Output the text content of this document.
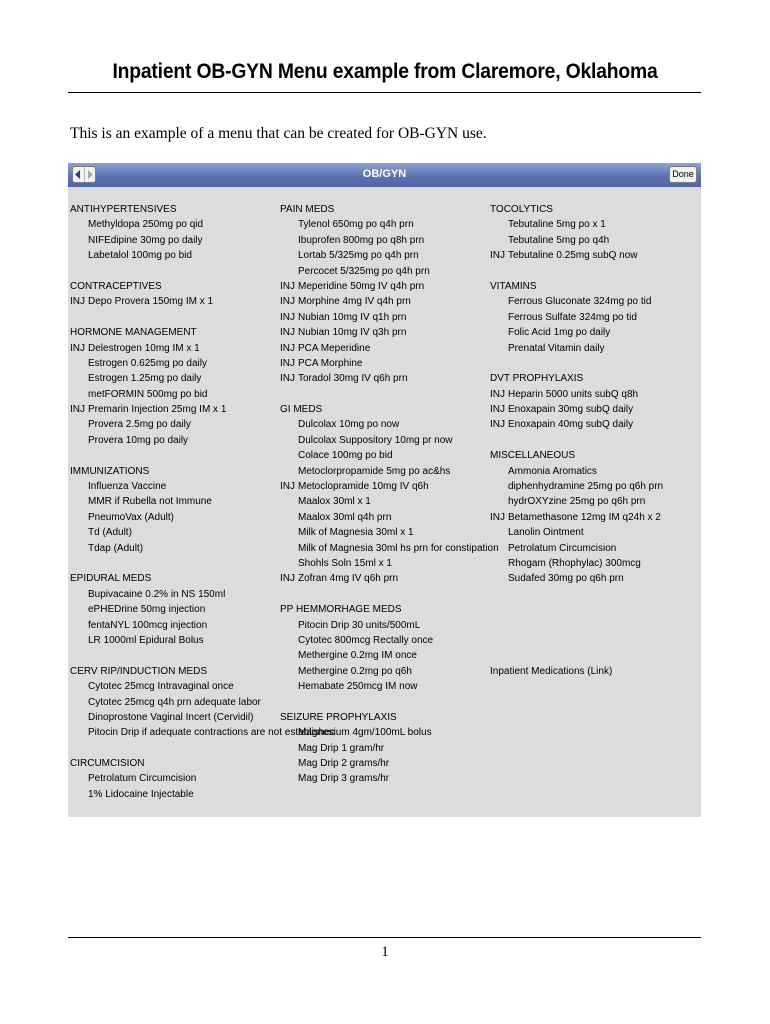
Inpatient OB-GYN Menu example from Claremore, Oklahoma
This is an example of a menu that can be created for OB-GYN use.
OB/GYN	Done
ANTIHYPERTENSIVES
Methyldopa 250mg po qid
NIFEdipine 30mg po daily
Labetalol 100mg po bid
CONTRACEPTIVES
INJ Depo Provera 150mg IM x 1
HORMONE MANAGEMENT
INJ Delestrogen 10mg IM x 1
Estrogen 0.625mg po daily
Estrogen 1.25mg po daily
metFORMIN 500mg po bid
INJ Premarin Injection 25mg IM x 1
Provera 2.5mg po daily
Provera 10mg po daily
IMMUNIZATIONS
Influenza Vaccine
MMR if Rubella not Immune
PneumoVax (Adult)
Td (Adult)
Tdap (Adult)
EPIDURAL MEDS
Bupivacaine 0.2% in NS 150ml
ePHEDrine 50mg injection
fentaNYL 100mcg injection
LR 1000ml Epidural Bolus
CERV RIP/INDUCTION MEDS
Cytotec 25mcg Intravaginal once
Cytotec 25mcg q4h prn adequate labor
Dinoprostone Vaginal Incert (Cervidil)
Pitocin Drip if adequate contractions are not establishec
CIRCUMCISION
Petrolatum Circumcision
1% Lidocaine Injectable
PAIN MEDS
Tylenol 650mg po q4h prn
Ibuprofen 800mg po q8h prn
Lortab 5/325mg po q4h prn
Percocet 5/325mg po q4h prn
INJ Meperidine 50mg IV q4h prn
INJ Morphine 4mg IV q4h prn
INJ Nubian 10mg IV q1h prn
INJ Nubian 10mg IV q3h prn
INJ PCA Meperidine
INJ PCA Morphine
INJ Toradol 30mg IV q6h prn
GI MEDS
Dulcolax 10mg po now
Dulcolax Suppository 10mg pr now
Colace 100mg po bid
Metoclorpropamide 5mg po ac&hs
INJ Metoclopramide 10mg IV q6h
Maalox 30ml x 1
Maalox 30ml q4h prn
Milk of Magnesia 30ml x 1
Milk of Magnesia 30ml hs prn for constipation
Shohls Soln 15ml x 1
INJ Zofran 4mg IV q6h prn
PP HEMMORHAGE MEDS
Pitocin Drip 30 units/500mL
Cytotec 800mcg Rectally once
Methergine 0.2mg IM once
Methergine 0.2mg po q6h
Hemabate 250mcg IM now
SEIZURE PROPHYLAXIS
Magnesium 4gm/100mL bolus
Mag Drip 1 gram/hr
Mag Drip 2 grams/hr
Mag Drip 3 grams/hr
TOCOLYTICS
Tebutaline 5mg po x 1
Tebutaline 5mg po q4h
INJ Tebutaline 0.25mg subQ now
VITAMINS
Ferrous Gluconate 324mg po tid
Ferrous Sulfate 324mg po tid
Folic Acid 1mg po daily
Prenatal Vitamin daily
DVT PROPHYLAXIS
INJ Heparin 5000 units subQ q8h
INJ Enoxapain 30mg subQ daily
INJ Enoxapain 40mg subQ daily
MISCELLANEOUS
Ammonia Aromatics
diphenhydramine 25mg po q6h prn
hydrOXYzine 25mg po q6h prn
INJ Betamethasone 12mg IM q24h x 2
Lanolin Ointment
Petrolatum Circumcision
Rhogam (Rhophylac) 300mcg
Sudafed 30mg po q6h prn
Inpatient Medications (Link)
1
